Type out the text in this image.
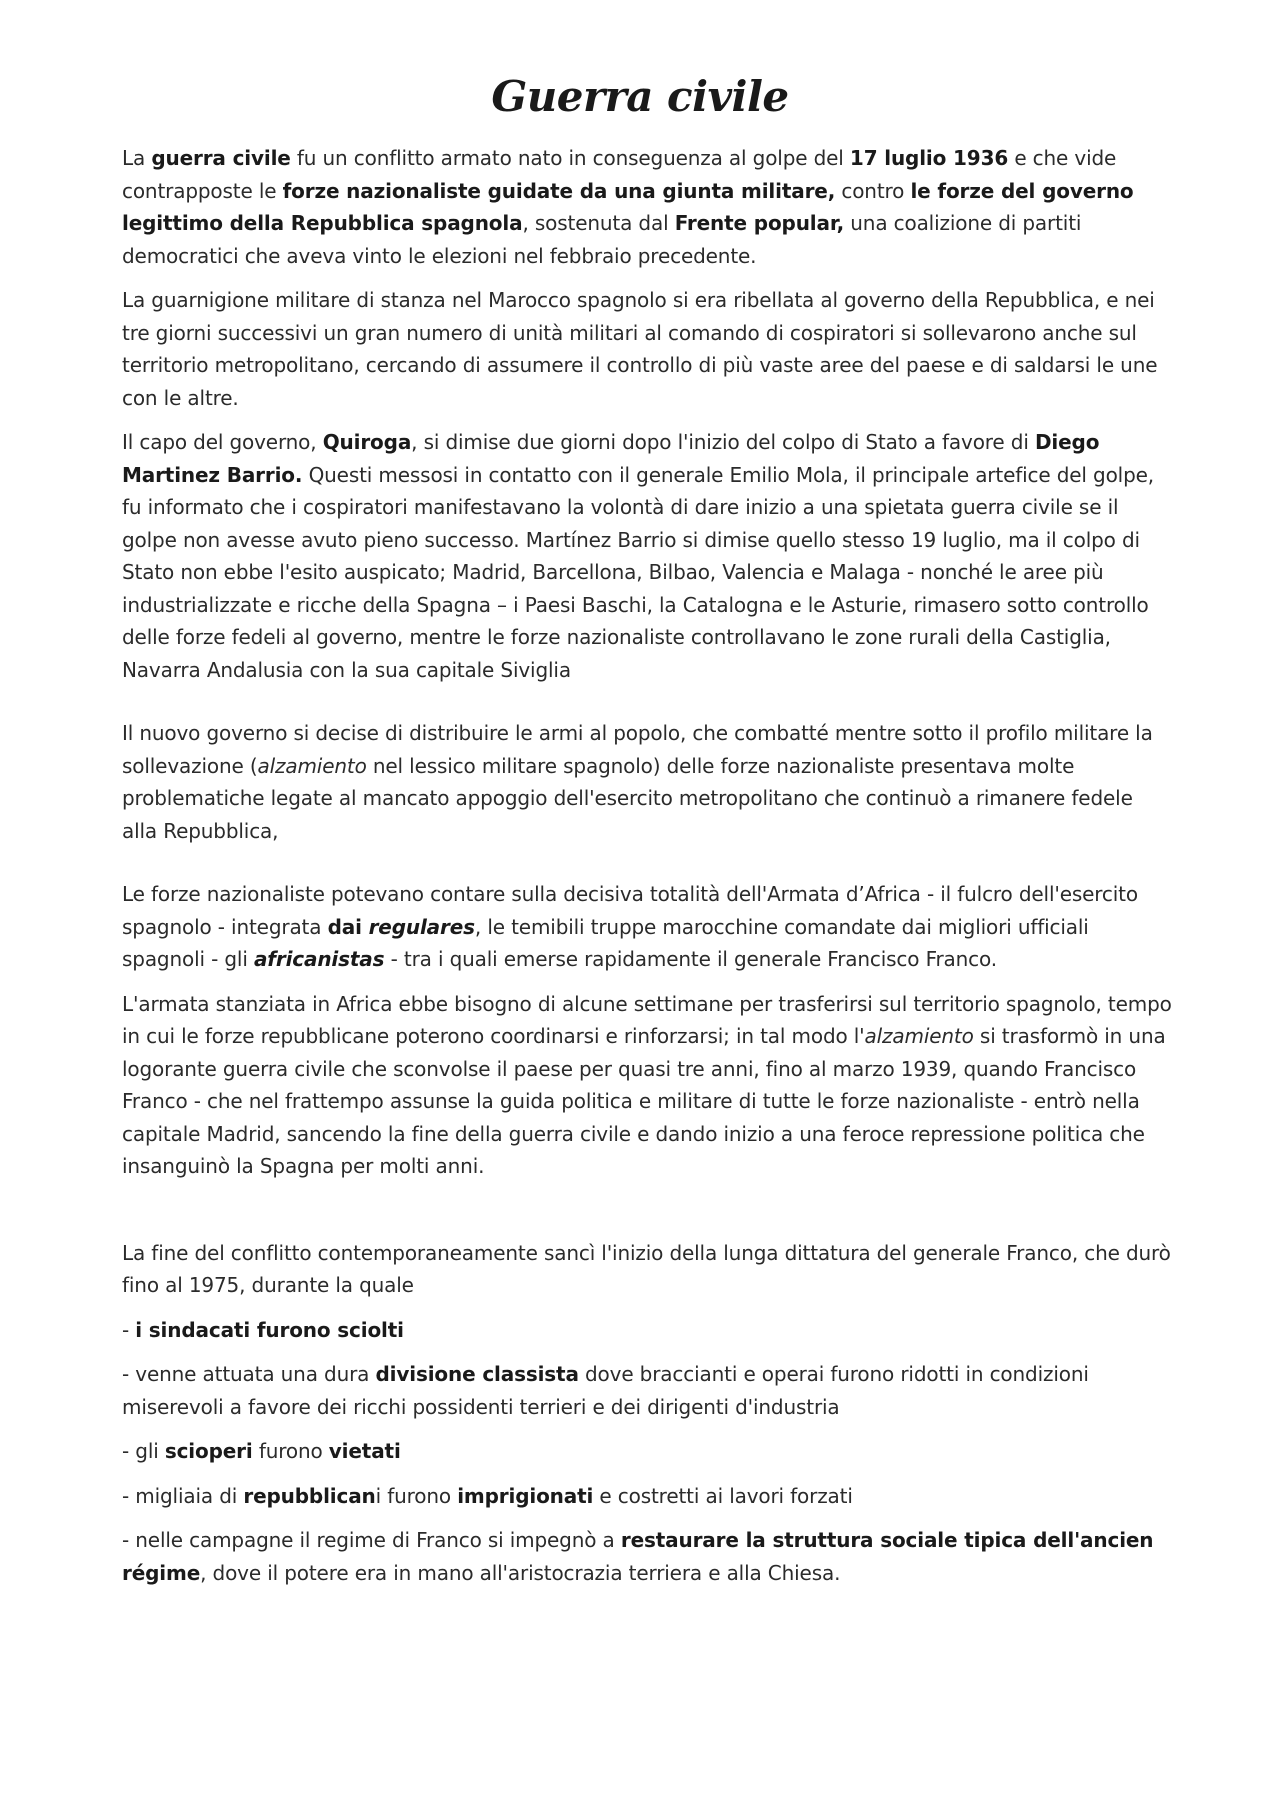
Guerra civile

La guerra civile fu un conflitto armato nato in conseguenza al golpe del 17 luglio 1936 e che vide contrapposte le forze nazionaliste guidate da una giunta militare, contro le forze del governo legittimo della Repubblica spagnola, sostenuta dal Frente popular, una coalizione di partiti democratici che aveva vinto le elezioni nel febbraio precedente.

La guarnigione militare di stanza nel Marocco spagnolo si era ribellata al governo della Repubblica, e nei tre giorni successivi un gran numero di unità militari al comando di cospiratori si sollevarono anche sul territorio metropolitano, cercando di assumere il controllo di più vaste aree del paese e di saldarsi le une con le altre.

Il capo del governo, Quiroga, si dimise due giorni dopo l'inizio del colpo di Stato a favore di Diego Martinez Barrio. Questi messosi in contatto con il generale Emilio Mola, il principale artefice del golpe, fu informato che i cospiratori manifestavano la volontà di dare inizio a una spietata guerra civile se il golpe non avesse avuto pieno successo. Martínez Barrio si dimise quello stesso 19 luglio, ma il colpo di Stato non ebbe l'esito auspicato; Madrid, Barcellona, Bilbao, Valencia e Malaga - nonché le aree più industrializzate e ricche della Spagna – i Paesi Baschi, la Catalogna e le Asturie, rimasero sotto controllo delle forze fedeli al governo, mentre le forze nazionaliste controllavano le zone rurali della Castiglia, Navarra Andalusia con la sua capitale Siviglia

Il nuovo governo si decise di distribuire le armi al popolo, che combatté mentre sotto il profilo militare la sollevazione (alzamiento nel lessico militare spagnolo) delle forze nazionaliste presentava molte problematiche legate al mancato appoggio dell'esercito metropolitano che continuò a rimanere fedele alla Repubblica,

Le forze nazionaliste potevano contare sulla decisiva totalità dell'Armata d’Africa - il fulcro dell'esercito spagnolo - integrata dai regulares, le temibili truppe marocchine comandate dai migliori ufficiali spagnoli - gli africanistas - tra i quali emerse rapidamente il generale Francisco Franco.

L'armata stanziata in Africa ebbe bisogno di alcune settimane per trasferirsi sul territorio spagnolo, tempo in cui le forze repubblicane poterono coordinarsi e rinforzarsi; in tal modo l'alzamiento si trasformò in una logorante guerra civile che sconvolse il paese per quasi tre anni, fino al marzo 1939, quando Francisco Franco - che nel frattempo assunse la guida politica e militare di tutte le forze nazionaliste - entrò nella capitale Madrid, sancendo la fine della guerra civile e dando inizio a una feroce repressione politica che insanguinò la Spagna per molti anni.

La fine del conflitto contemporaneamente sancì l'inizio della lunga dittatura del generale Franco, che durò fino al 1975, durante la quale

- i sindacati furono sciolti
- venne attuata una dura divisione classista dove braccianti e operai furono ridotti in condizioni miserevoli a favore dei ricchi possidenti terrieri e dei dirigenti d'industria
- gli scioperi furono vietati
- migliaia di repubblicani furono imprigionati e costretti ai lavori forzati
- nelle campagne il regime di Franco si impegnò a restaurare la struttura sociale tipica dell'ancien régime, dove il potere era in mano all'aristocrazia terriera e alla Chiesa.
